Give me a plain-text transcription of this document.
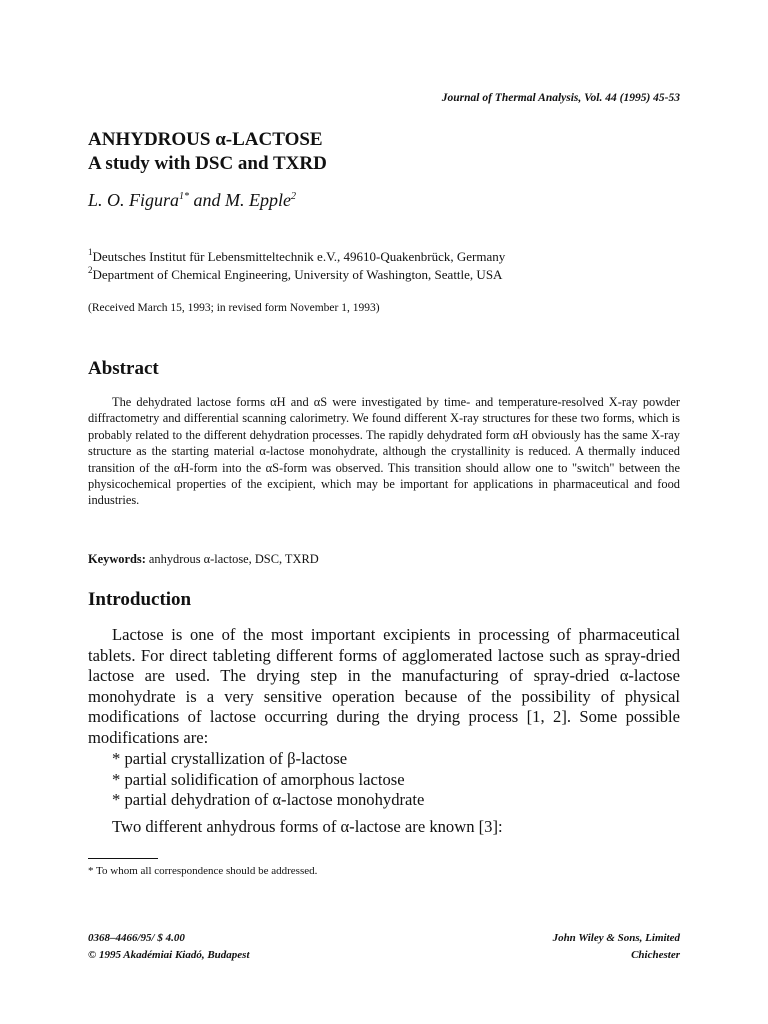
Journal of Thermal Analysis, Vol. 44 (1995) 45-53
ANHYDROUS α-LACTOSE
A study with DSC and TXRD
L. O. Figura$^{1*}$ and M. Epple$^2$
$^1$Deutsches Institut für Lebensmitteltechnik e.V., 49610-Quakenbrück, Germany
$^2$Department of Chemical Engineering, University of Washington, Seattle, USA
(Received March 15, 1993; in revised form November 1, 1993)
Abstract

The dehydrated lactose forms αH and αS were investigated by time- and temperature-resolved X-ray powder diffractometry and differential scanning calorimetry. We found different X-ray structures for these two forms, which is probably related to the different dehydration processes. The rapidly dehydrated form αH obviously has the same X-ray structure as the starting material α-lactose monohydrate, although the crystallinity is reduced. A thermally induced transition of the αH-form into the αS-form was observed. This transition should allow one to "switch" between the physicochemical properties of the excipient, which may be important for applications in pharmaceutical and food industries.

Keywords: anhydrous α-lactose, DSC, TXRD
Introduction

Lactose is one of the most important excipients in processing of pharmaceutical tablets. For direct tableting different forms of agglomerated lactose such as spray-dried lactose are used. The drying step in the manufacturing of spray-dried α-lactose monohydrate is a very sensitive operation because of the possibility of physical modifications of lactose occurring during the drying process [1, 2]. Some possible modifications are:

* partial crystallization of β-lactose
* partial solidification of amorphous lactose
* partial dehydration of α-lactose monohydrate
Two different anhydrous forms of α-lactose are known [3]:
* To whom all correspondence should be addressed.
0368–4466/95/ $ 4.00
© 1995 Akadémiai Kiadó, Budapest
John Wiley & Sons, Limited
Chichester
